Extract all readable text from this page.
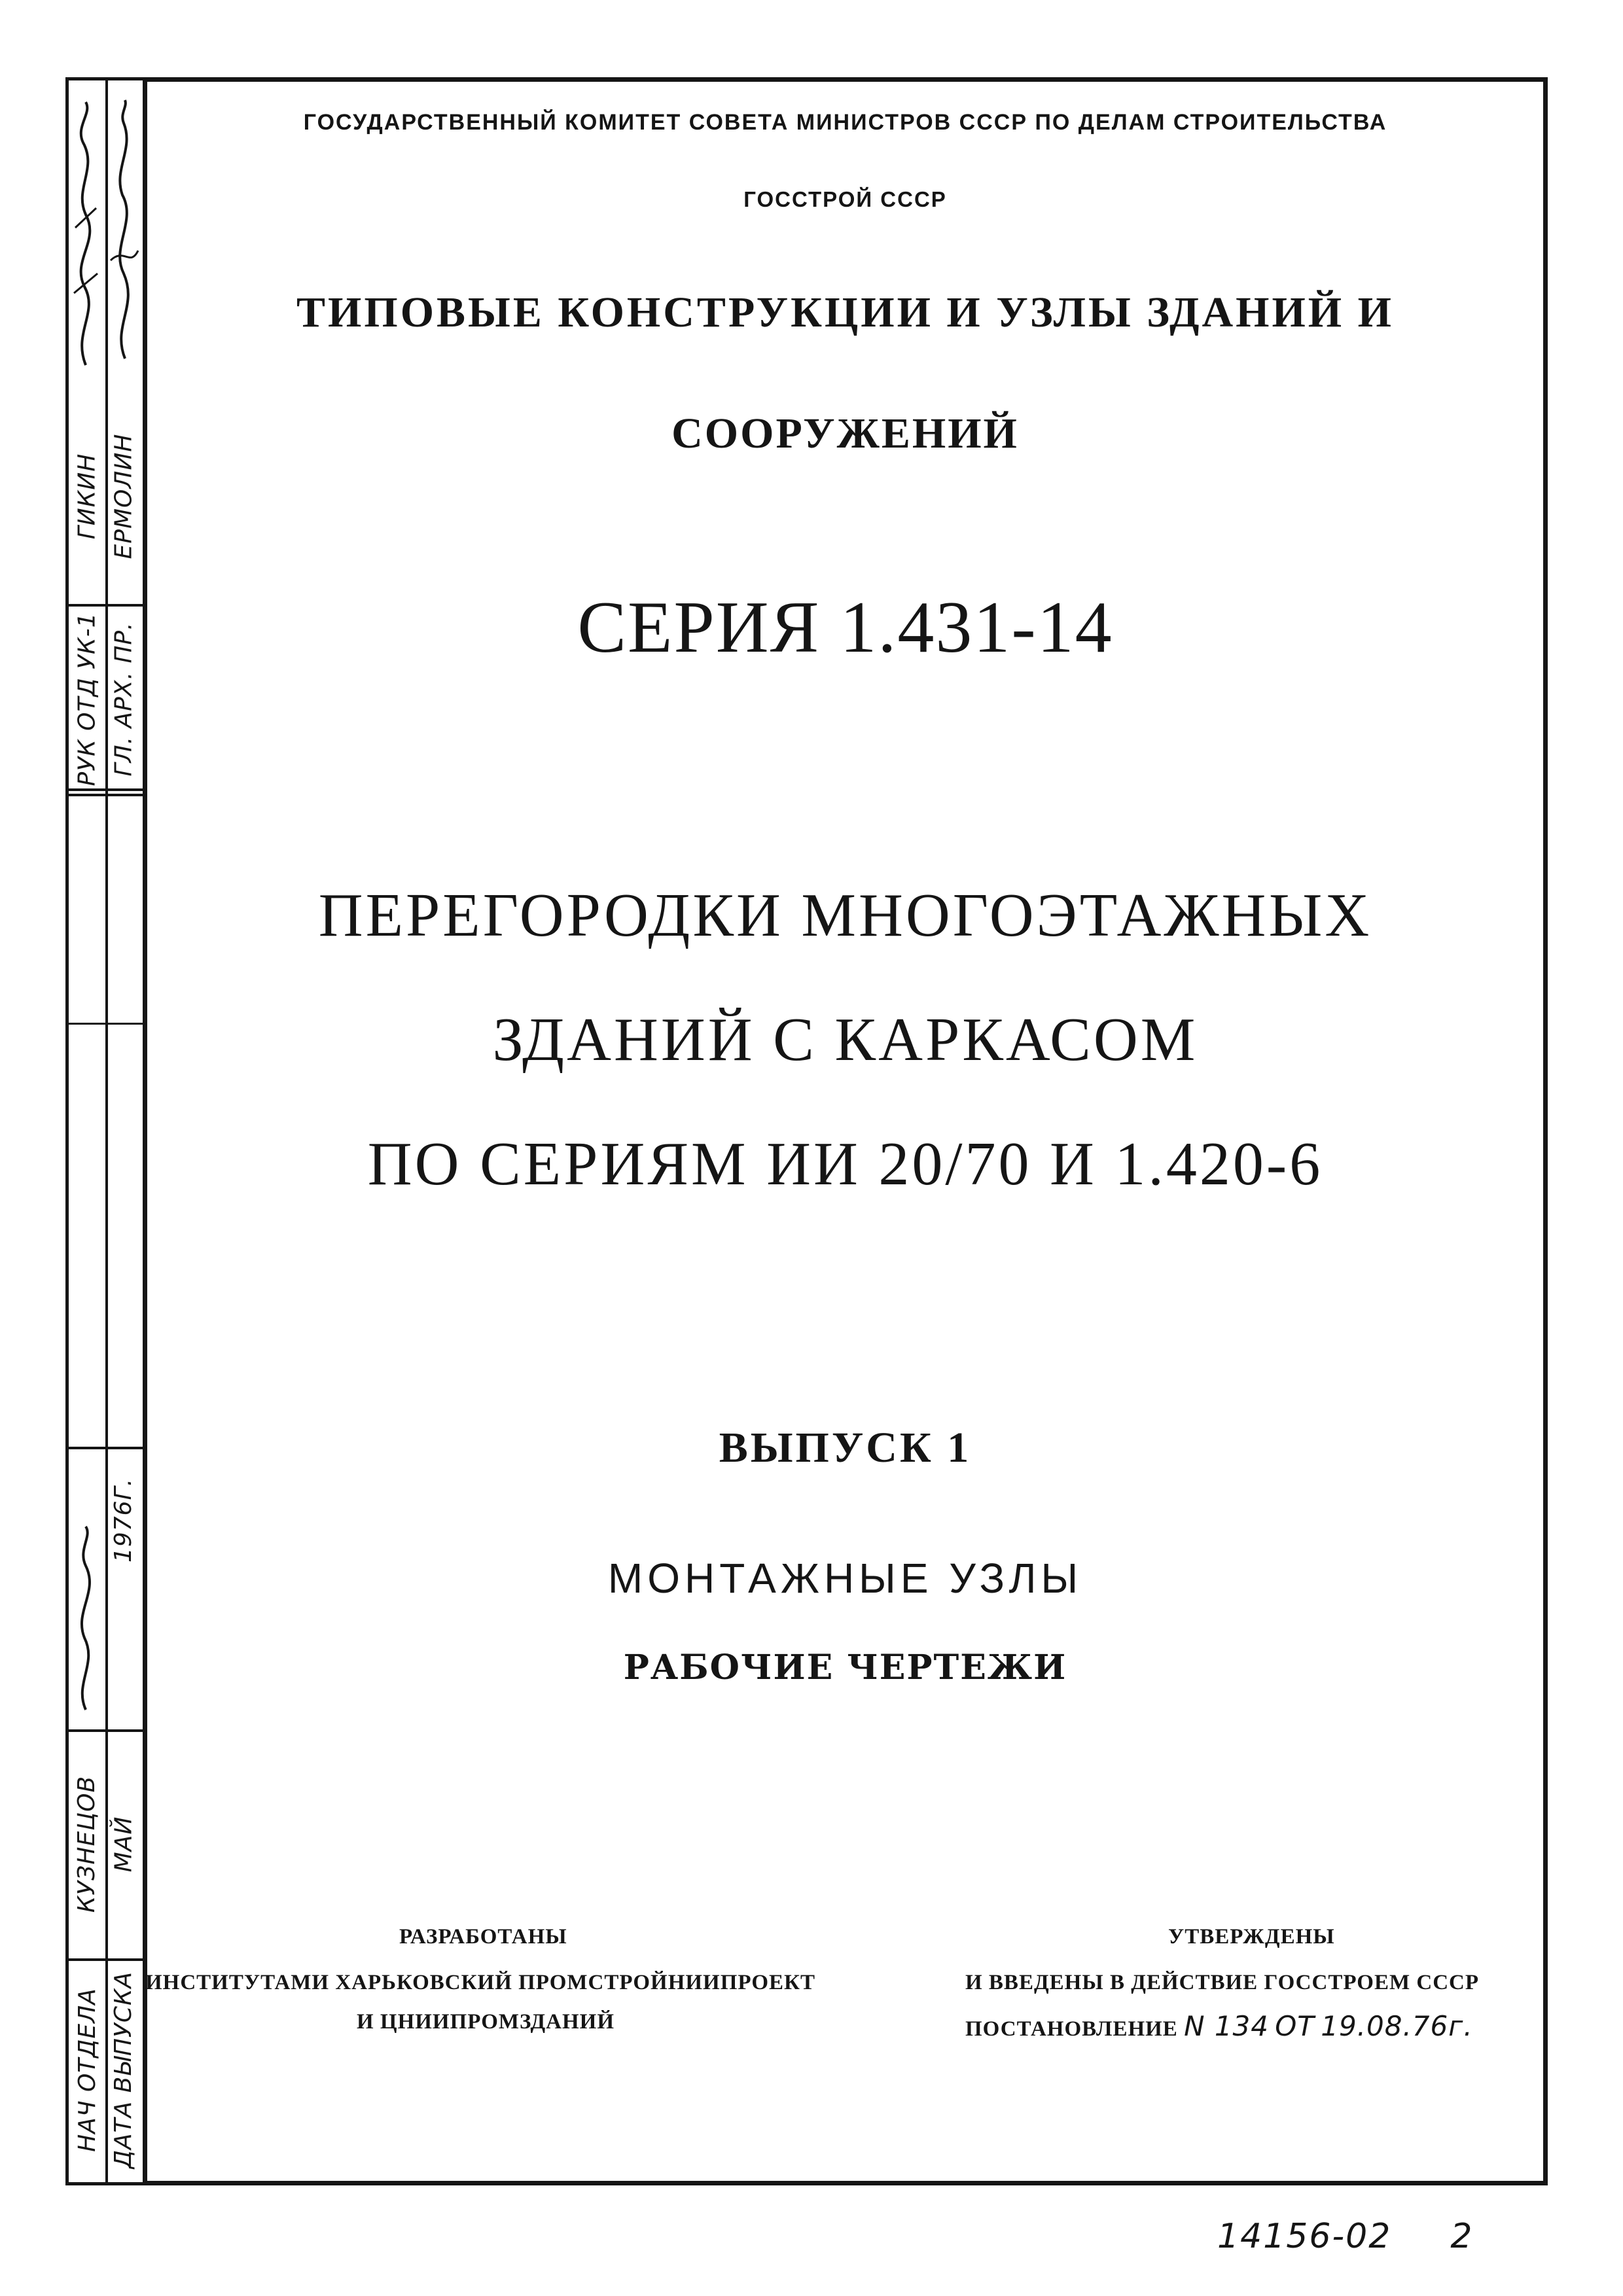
РУК ОТД УК-1
НАЧ ОТДЕЛА
ГЛ. АРХ. ПР.
ЕРМОЛИН
ГИКИН
КУЗНЕЦОВ
ДАТА ВЫПУСКА
МАЙ
1976Г.
ГОСУДАРСТВЕННЫЙ КОМИТЕТ СОВЕТА МИНИСТРОВ СССР ПО ДЕЛАМ СТРОИТЕЛЬСТВА
ГОССТРОЙ СССР
ТИПОВЫЕ КОНСТРУКЦИИ И УЗЛЫ ЗДАНИЙ И
СООРУЖЕНИЙ
СЕРИЯ 1.431-14
ПЕРЕГОРОДКИ МНОГОЭТАЖНЫХ
ЗДАНИЙ С КАРКАСОМ
ПО СЕРИЯМ ИИ 20/70 И 1.420-6
ВЫПУСК 1
МОНТАЖНЫЕ УЗЛЫ
РАБОЧИЕ ЧЕРТЕЖИ
РАЗРАБОТАНЫ
ИНСТИТУТАМИ ХАРЬКОВСКИЙ ПРОМСТРОЙНИИПРОЕКТ
И ЦНИИПРОМЗДАНИЙ
УТВЕРЖДЕНЫ
И ВВЕДЕНЫ В ДЕЙСТВИЕ ГОССТРОЕМ СССР
ПОСТАНОВЛЕНИЕ N 134 ОТ 19.08.76г.
14156-02 2
